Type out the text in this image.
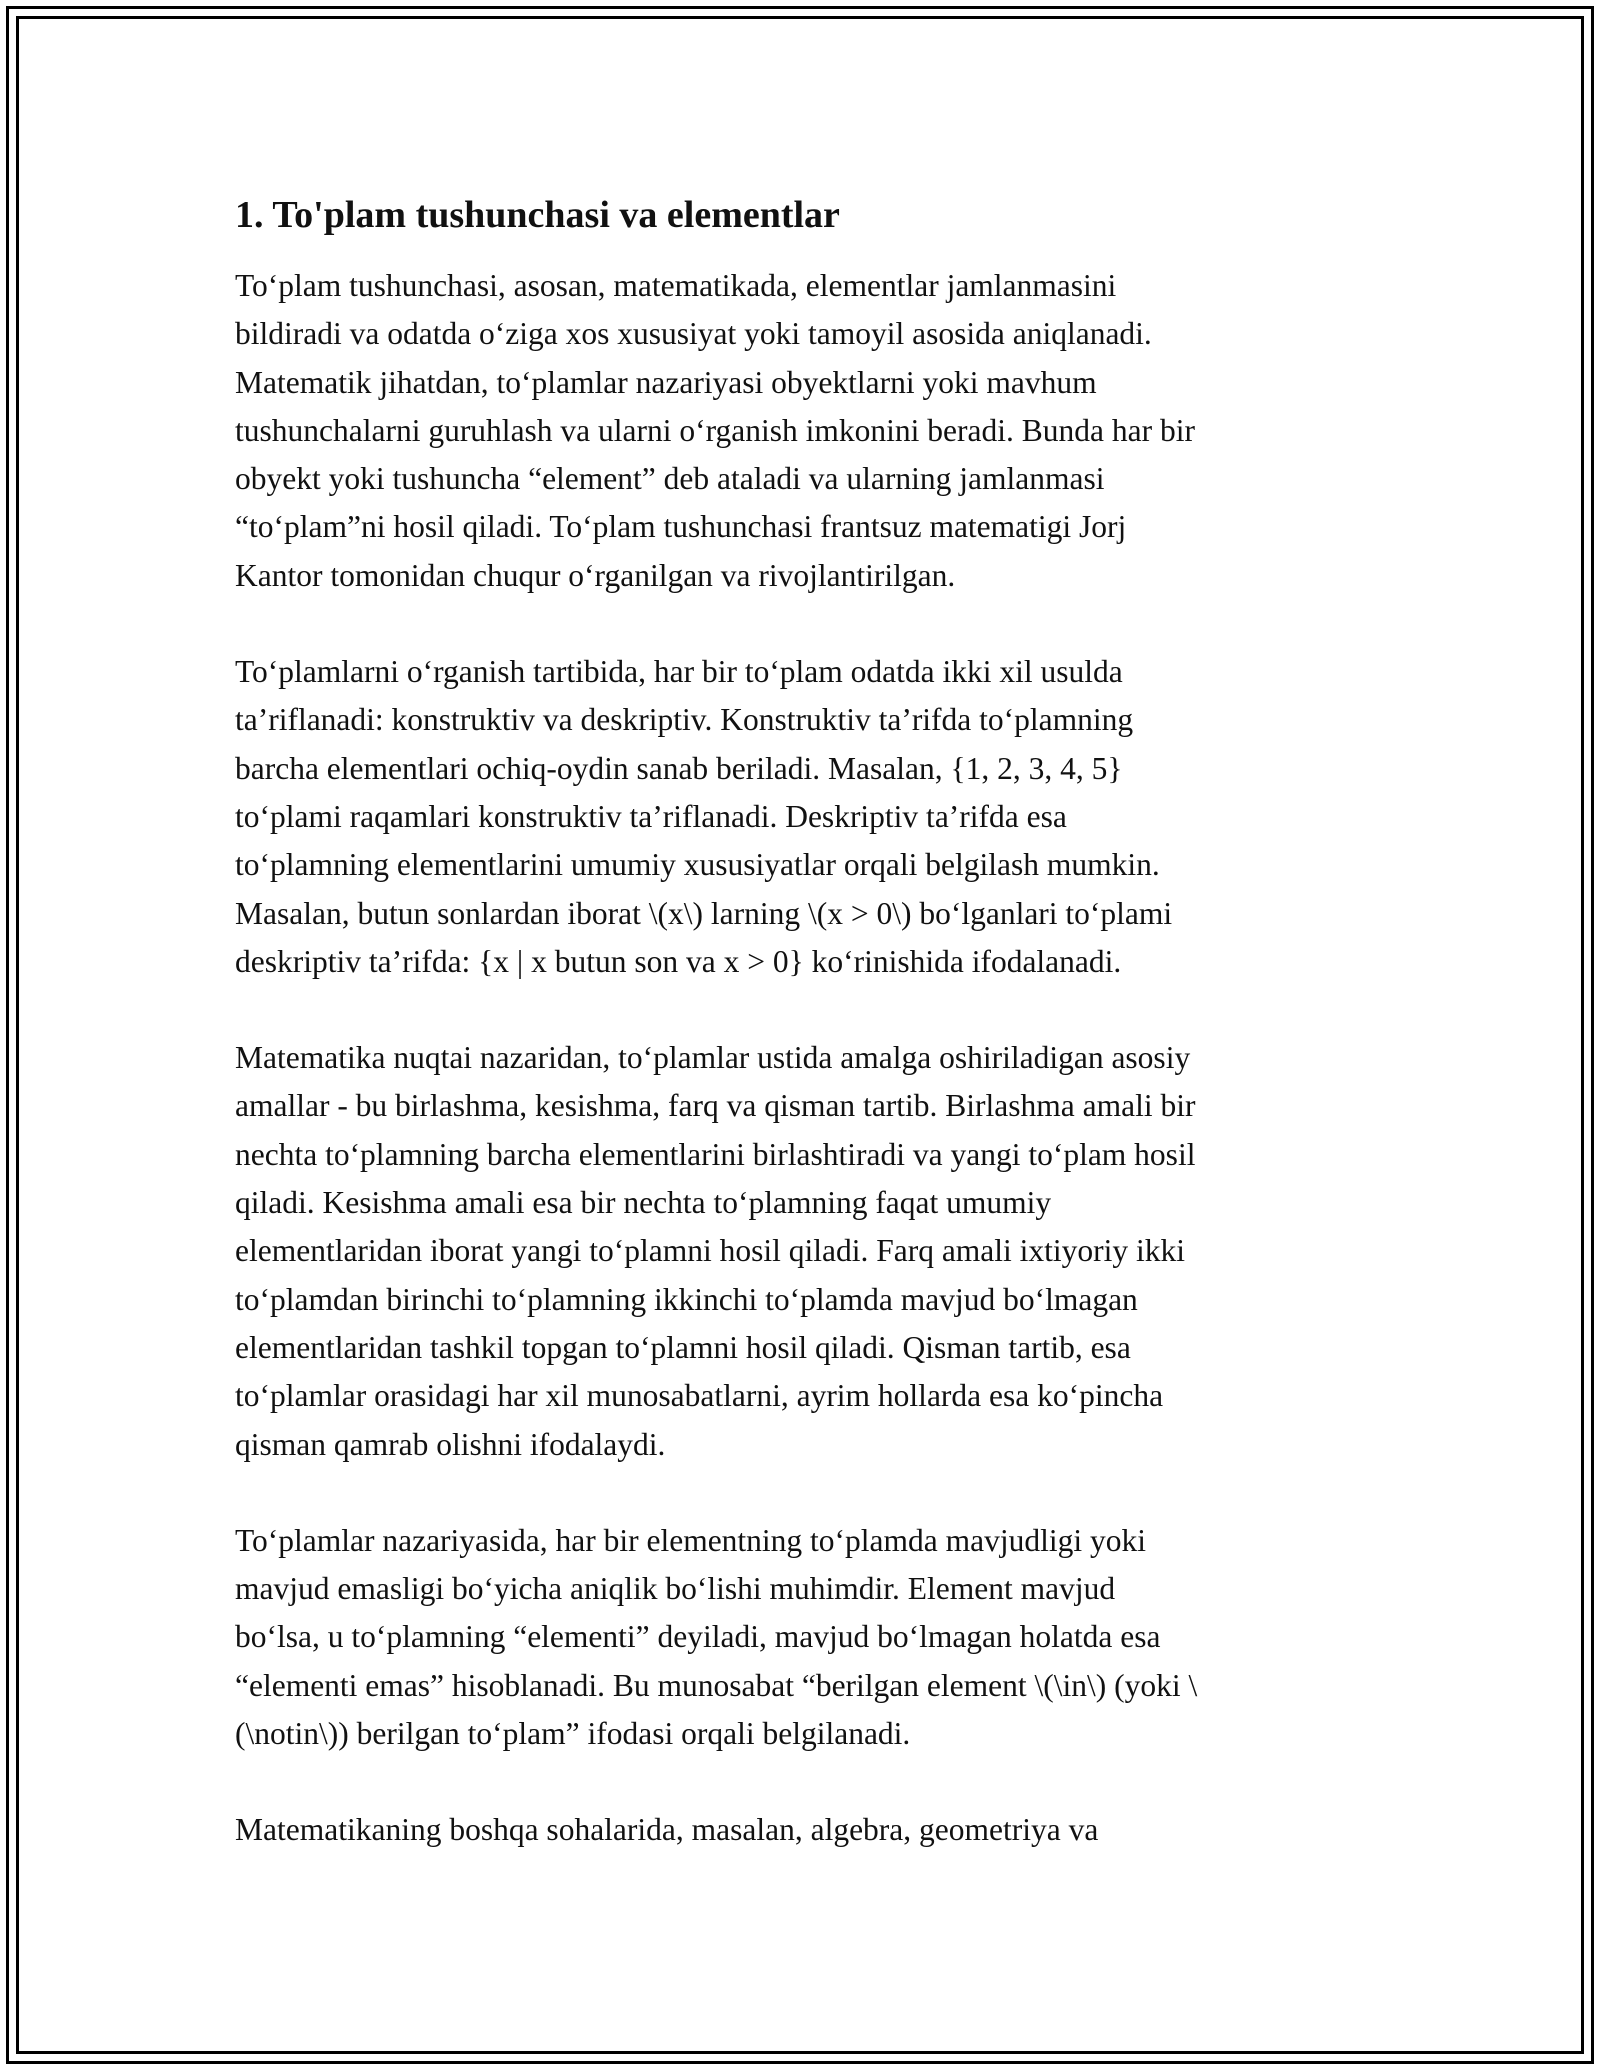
1. To'plam tushunchasi va elementlar

To‘plam tushunchasi, asosan, matematikada, elementlar jamlanmasini
bildiradi va odatda o‘ziga xos xususiyat yoki tamoyil asosida aniqlanadi.
Matematik jihatdan, to‘plamlar nazariyasi obyektlarni yoki mavhum
tushunchalarni guruhlash va ularni o‘rganish imkonini beradi. Bunda har bir
obyekt yoki tushuncha “element” deb ataladi va ularning jamlanmasi
“to‘plam”ni hosil qiladi. To‘plam tushunchasi frantsuz matematigi Jorj
Kantor tomonidan chuqur o‘rganilgan va rivojlantirilgan.

To‘plamlarni o‘rganish tartibida, har bir to‘plam odatda ikki xil usulda
ta’riflanadi: konstruktiv va deskriptiv. Konstruktiv ta’rifda to‘plamning
barcha elementlari ochiq-oydin sanab beriladi. Masalan, {1, 2, 3, 4, 5}
to‘plami raqamlari konstruktiv ta’riflanadi. Deskriptiv ta’rifda esa
to‘plamning elementlarini umumiy xususiyatlar orqali belgilash mumkin.
Masalan, butun sonlardan iborat \(x\) larning \(x > 0\) bo‘lganlari to‘plami
deskriptiv ta’rifda: {x | x butun son va x > 0} ko‘rinishida ifodalanadi.

Matematika nuqtai nazaridan, to‘plamlar ustida amalga oshiriladigan asosiy
amallar - bu birlashma, kesishma, farq va qisman tartib. Birlashma amali bir
nechta to‘plamning barcha elementlarini birlashtiradi va yangi to‘plam hosil
qiladi. Kesishma amali esa bir nechta to‘plamning faqat umumiy
elementlaridan iborat yangi to‘plamni hosil qiladi. Farq amali ixtiyoriy ikki
to‘plamdan birinchi to‘plamning ikkinchi to‘plamda mavjud bo‘lmagan
elementlaridan tashkil topgan to‘plamni hosil qiladi. Qisman tartib, esa
to‘plamlar orasidagi har xil munosabatlarni, ayrim hollarda esa ko‘pincha
qisman qamrab olishni ifodalaydi.

To‘plamlar nazariyasida, har bir elementning to‘plamda mavjudligi yoki
mavjud emasligi bo‘yicha aniqlik bo‘lishi muhimdir. Element mavjud
bo‘lsa, u to‘plamning “elementi” deyiladi, mavjud bo‘lmagan holatda esa
“elementi emas” hisoblanadi. Bu munosabat “berilgan element \(\in\) (yoki \
(\notin\)) berilgan to‘plam” ifodasi orqali belgilanadi.

Matematikaning boshqa sohalarida, masalan, algebra, geometriya va
